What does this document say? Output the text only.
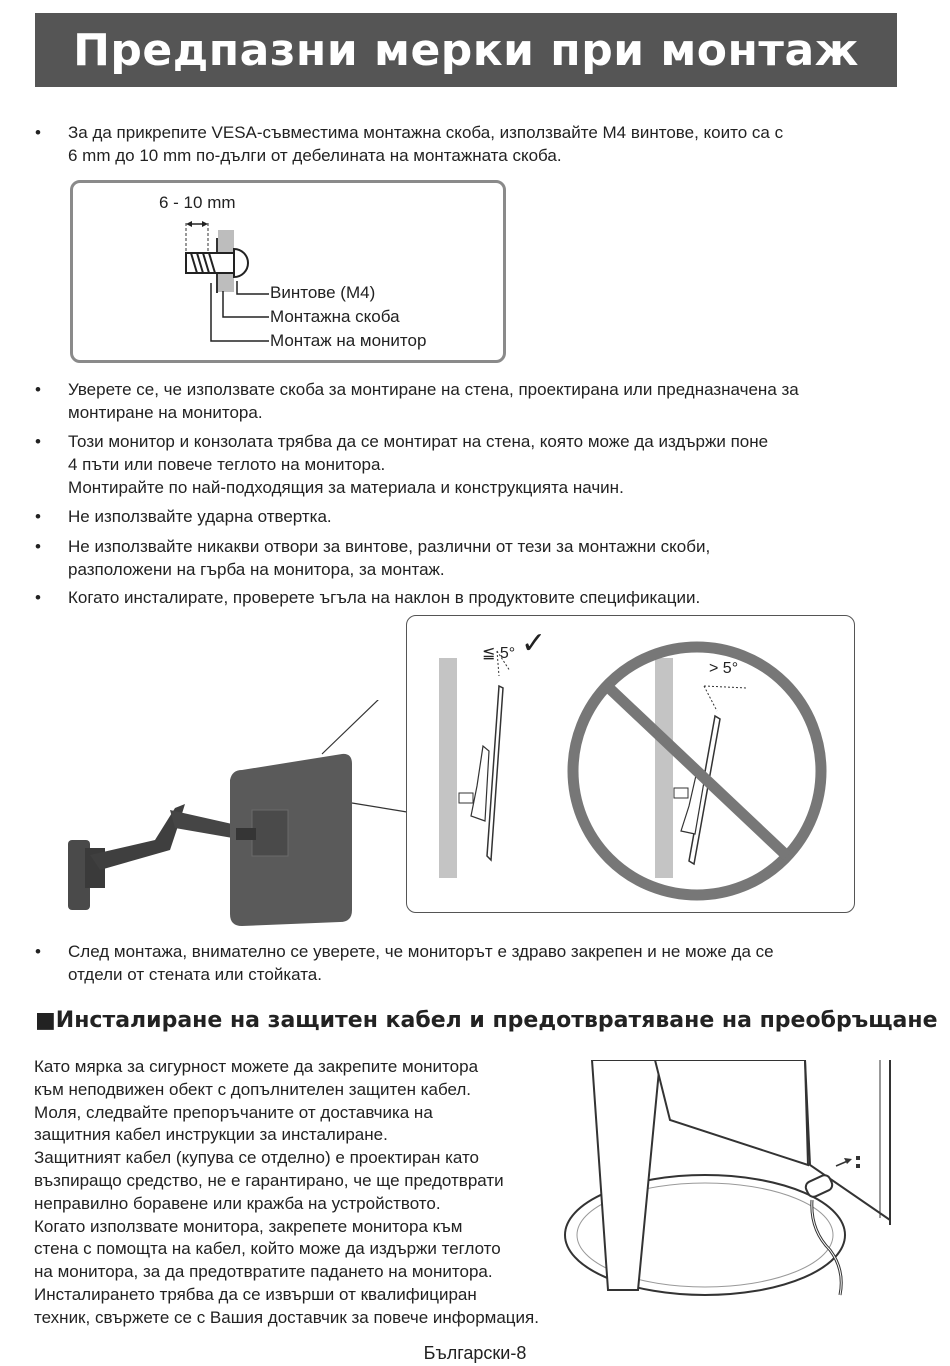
Предпазни мерки при монтаж
•	За да прикрепите VESA-съвместима монтажна скоба, използвайте M4 винтове, които са с
6 mm до 10 mm по-дълги от дебелината на монтажната скоба.
6 - 10 mm
Винтове (M4)
Монтажна скоба
Монтаж на монитор
•	Уверете се, че използвате скоба за монтиране на стена, проектирана или предназначена за
монтиране на монитора.
•	Този монитор и конзолата трябва да се монтират на стена, която може да издържи поне
4 пъти или повече теглото на монитора.
Монтирайте по най-подходящия за материала и конструкцията начин.
•	Не използвайте ударна отвертка.
•	Не използвайте никакви отвори за винтове, различни от тези за монтажни скоби,
разположени на гърба на монитора, за монтаж.
•	Когато инсталирате, проверете ъгъла на наклон в продуктовите спецификации.
≦ 5° ✓
> 5°
•	След монтажа, внимателно се уверете, че мониторът е здраво закрепен и не може да се
отдели от стената или стойката.
■Инсталиране на защитен кабел и предотвратяване на преобръщане
Като мярка за сигурност можете да закрепите монитора
към неподвижен обект с допълнителен защитен кабел.
Моля, следвайте препоръчаните от доставчика на
защитния кабел инструкции за инсталиране.
Защитният кабел (купува се отделно) е проектиран като
възпиращо средство, не е гарантирано, че ще предотврати
неправилно боравене или кражба на устройството.
Когато използвате монитора, закрепете монитора към
стена с помощта на кабел, който може да издържи теглото
на монитора, за да предотвратите падането на монитора.
Инсталирането трябва да се извърши от квалифициран
техник, свържете се с Вашия доставчик за повече информация.
Български-8
